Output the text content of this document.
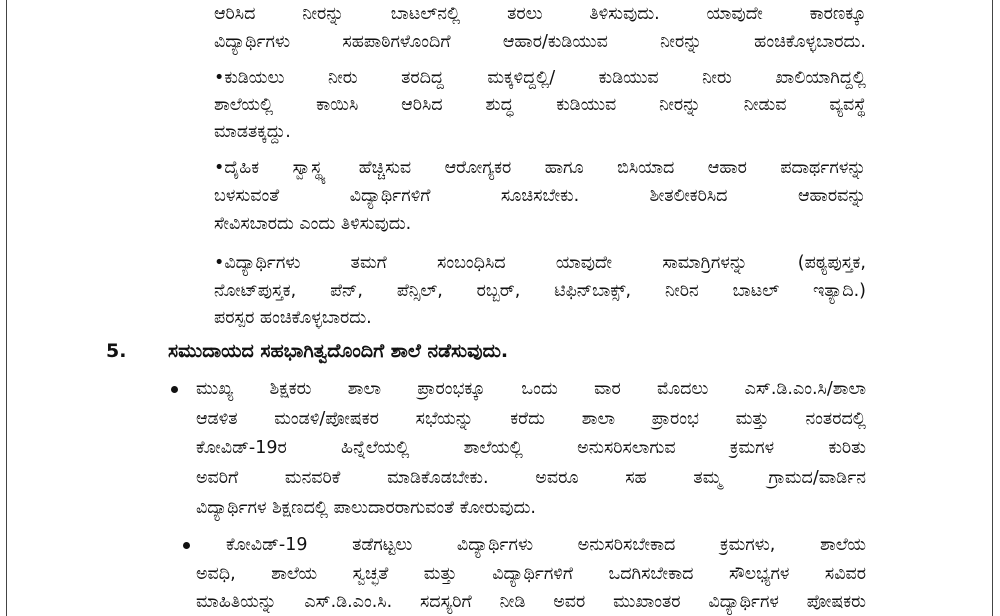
ಆರಿಸಿದ ನೀರನ್ನು ಬಾಟಲ್‌ನಲ್ಲಿ ತರಲು ತಿಳಿಸುವುದು. ಯಾವುದೇ ಕಾರಣಕ್ಕೂ
ವಿದ್ಯಾರ್ಥಿಗಳು ಸಹಪಾಠಿಗಳೊಂದಿಗೆ ಆಹಾರ/ಕುಡಿಯುವ ನೀರನ್ನು ಹಂಚಿಕೊಳ್ಳಬಾರದು.
•ಕುಡಿಯಲು ನೀರು ತರದಿದ್ದ ಮಕ್ಕಳಿದ್ದಲ್ಲಿ/ ಕುಡಿಯುವ ನೀರು ಖಾಲಿಯಾಗಿದ್ದಲ್ಲಿ
ಶಾಲೆಯಲ್ಲಿ ಕಾಯಿಸಿ ಆರಿಸಿದ ಶುದ್ಧ ಕುಡಿಯುವ ನೀರನ್ನು ನೀಡುವ ವ್ಯವಸ್ಥೆ
ಮಾಡತಕ್ಕದ್ದು.
•ದೈಹಿಕ ಸ್ವಾಸ್ಥ್ಯ ಹೆಚ್ಚಿಸುವ ಆರೋಗ್ಯಕರ ಹಾಗೂ ಬಿಸಿಯಾದ ಆಹಾರ ಪದಾರ್ಥಗಳನ್ನು
ಬಳಸುವಂತೆ ವಿದ್ಯಾರ್ಥಿಗಳಿಗೆ ಸೂಚಿಸಬೇಕು. ಶೀತಲೀಕರಿಸಿದ ಆಹಾರವನ್ನು
ಸೇವಿಸಬಾರದು ಎಂದು ತಿಳಿಸುವುದು.
•ವಿದ್ಯಾರ್ಥಿಗಳು ತಮಗೆ ಸಂಬಂಧಿಸಿದ ಯಾವುದೇ ಸಾಮಾಗ್ರಿಗಳನ್ನು (ಪಠ್ಯಪುಸ್ತಕ,
ನೋಟ್‌ಪುಸ್ತಕ, ಪೆನ್, ಪೆನ್ಸಿಲ್, ರಬ್ಬರ್, ಟಿಫಿನ್‌ಬಾಕ್ಸ್, ನೀರಿನ ಬಾಟಲ್ ಇತ್ಯಾದಿ.)
ಪರಸ್ಪರ ಹಂಚಿಕೊಳ್ಳಬಾರದು.
5. ಸಮುದಾಯದ ಸಹಭಾಗಿತ್ವದೊಂದಿಗೆ ಶಾಲೆ ನಡೆಸುವುದು.
ಮುಖ್ಯ ಶಿಕ್ಷಕರು ಶಾಲಾ ಪ್ರಾರಂಭಕ್ಕೂ ಒಂದು ವಾರ ಮೊದಲು ಎಸ್.ಡಿ.ಎಂ.ಸಿ/ಶಾಲಾ
ಆಡಳಿತ ಮಂಡಳಿ/ಪೋಷಕರ ಸಭೆಯನ್ನು ಕರೆದು ಶಾಲಾ ಪ್ರಾರಂಭ ಮತ್ತು ನಂತರದಲ್ಲಿ
ಕೋವಿಡ್-19ರ ಹಿನ್ನೆಲೆಯಲ್ಲಿ ಶಾಲೆಯಲ್ಲಿ ಅನುಸರಿಸಲಾಗುವ ಕ್ರಮಗಳ ಕುರಿತು
ಅವರಿಗೆ ಮನವರಿಕೆ ಮಾಡಿಕೊಡಬೇಕು. ಅವರೂ ಸಹ ತಮ್ಮ ಗ್ರಾಮದ/ವಾರ್ಡಿನ
ವಿದ್ಯಾರ್ಥಿಗಳ ಶಿಕ್ಷಣದಲ್ಲಿ ಪಾಲುದಾರರಾಗುವಂತೆ ಕೋರುವುದು.
ಕೋವಿಡ್-19 ತಡೆಗಟ್ಟಲು ವಿದ್ಯಾರ್ಥಿಗಳು ಅನುಸರಿಸಬೇಕಾದ ಕ್ರಮಗಳು, ಶಾಲೆಯ
ಅವಧಿ, ಶಾಲೆಯ ಸ್ವಚ್ಛತೆ ಮತ್ತು ವಿದ್ಯಾರ್ಥಿಗಳಿಗೆ ಒದಗಿಸಬೇಕಾದ ಸೌಲಭ್ಯಗಳ ಸವಿವರ
ಮಾಹಿತಿಯನ್ನು ಎಸ್.ಡಿ.ಎಂ.ಸಿ. ಸದಸ್ಯರಿಗೆ ನೀಡಿ ಅವರ ಮುಖಾಂತರ ವಿದ್ಯಾರ್ಥಿಗಳ ಪೋಷಕರು
